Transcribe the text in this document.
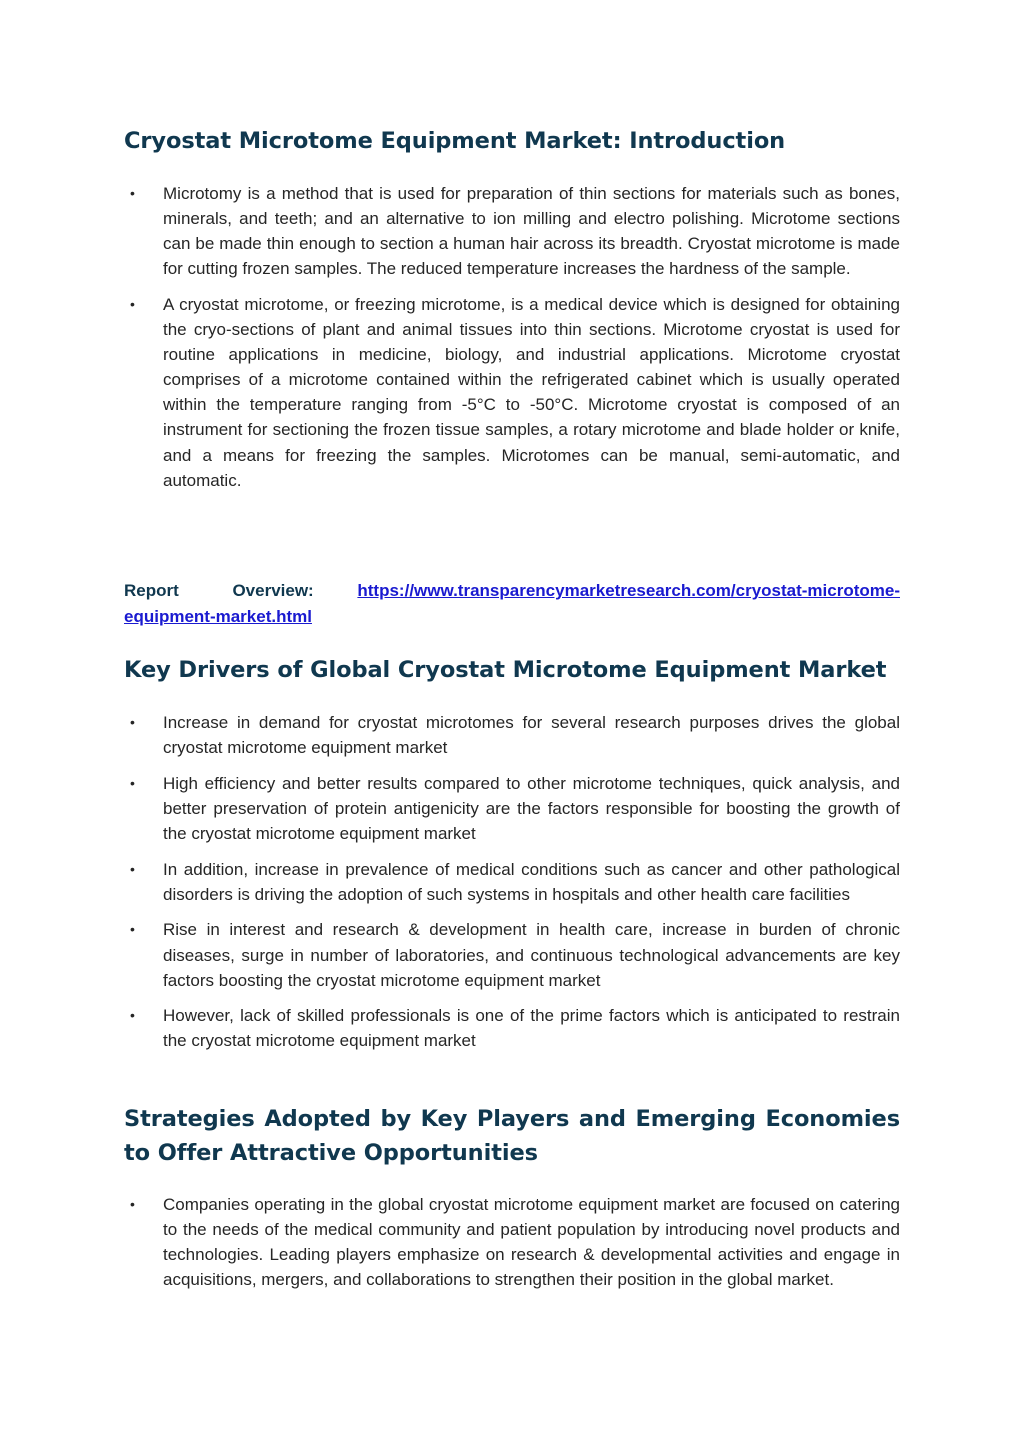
Cryostat Microtome Equipment Market: Introduction
• Microtomy is a method that is used for preparation of thin sections for materials such as bones, minerals, and teeth; and an alternative to ion milling and electro polishing. Microtome sections can be made thin enough to section a human hair across its breadth. Cryostat microtome is made for cutting frozen samples. The reduced temperature increases the hardness of the sample.
• A cryostat microtome, or freezing microtome, is a medical device which is designed for obtaining the cryo-sections of plant and animal tissues into thin sections. Microtome cryostat is used for routine applications in medicine, biology, and industrial applications. Microtome cryostat comprises of a microtome contained within the refrigerated cabinet which is usually operated within the temperature ranging from -5°C to -50°C. Microtome cryostat is composed of an instrument for sectioning the frozen tissue samples, a rotary microtome and blade holder or knife, and a means for freezing the samples. Microtomes can be manual, semi-automatic, and automatic.
Report Overview:	https://www.transparencymarketresearch.com/cryostat-microtome-equipment-market.html
Key Drivers of Global Cryostat Microtome Equipment Market
• Increase in demand for cryostat microtomes for several research purposes drives the global cryostat microtome equipment market
• High efficiency and better results compared to other microtome techniques, quick analysis, and better preservation of protein antigenicity are the factors responsible for boosting the growth of the cryostat microtome equipment market
• In addition, increase in prevalence of medical conditions such as cancer and other pathological disorders is driving the adoption of such systems in hospitals and other health care facilities
• Rise in interest and research & development in health care, increase in burden of chronic diseases, surge in number of laboratories, and continuous technological advancements are key factors boosting the cryostat microtome equipment market
• However, lack of skilled professionals is one of the prime factors which is anticipated to restrain the cryostat microtome equipment market
Strategies Adopted by Key Players and Emerging Economies to Offer Attractive Opportunities
• Companies operating in the global cryostat microtome equipment market are focused on catering to the needs of the medical community and patient population by introducing novel products and technologies. Leading players emphasize on research & developmental activities and engage in acquisitions, mergers, and collaborations to strengthen their position in the global market.
